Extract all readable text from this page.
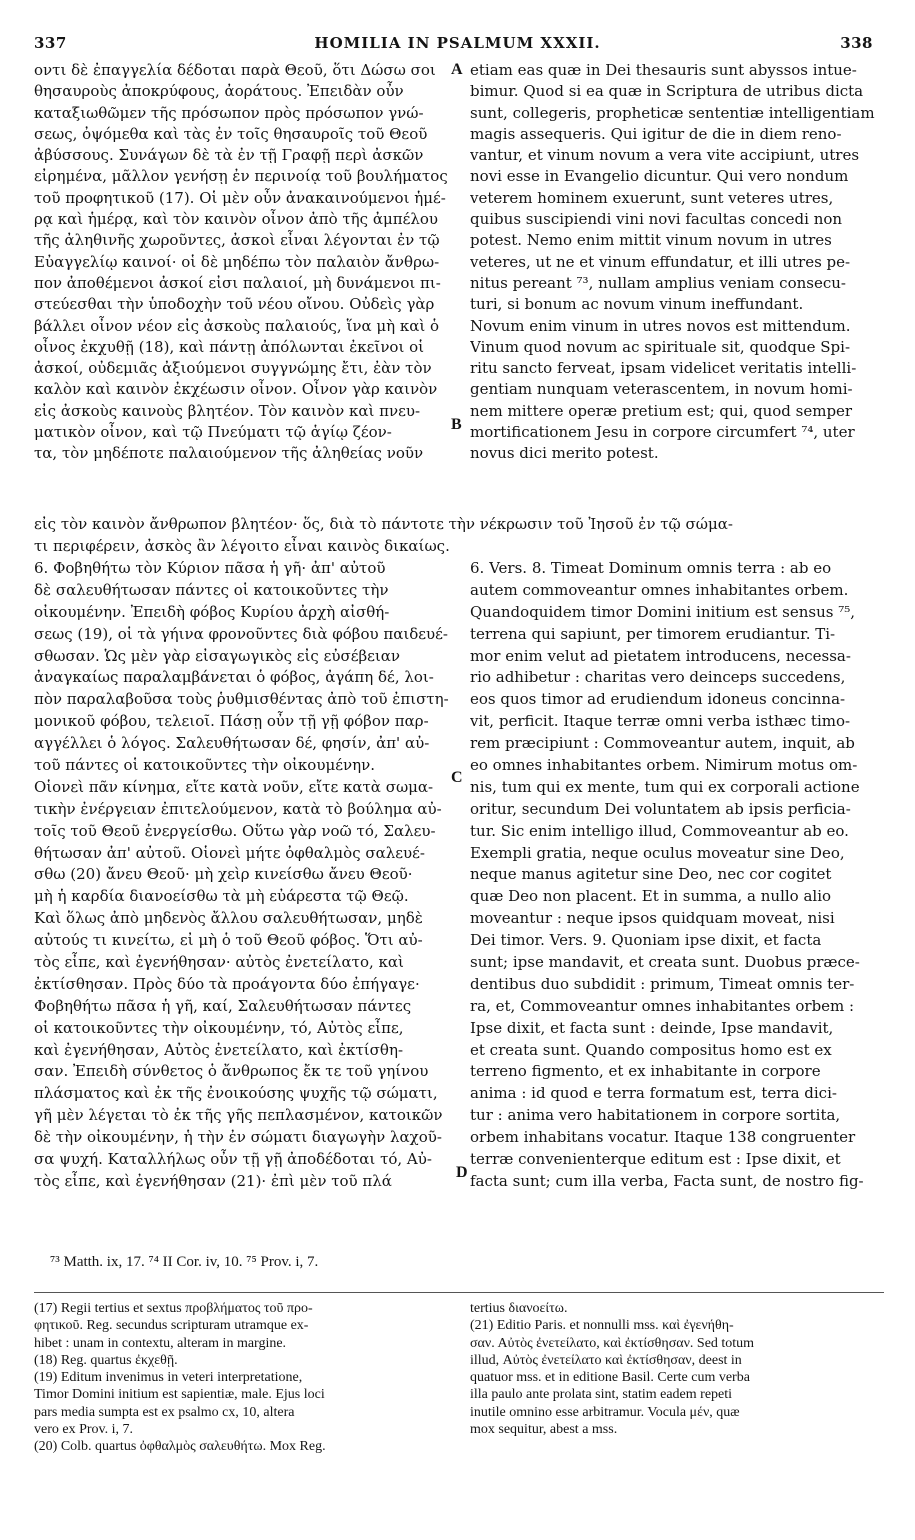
337	HOMILIA IN PSALMUM XXXII.	338
οντι δὲ ἐπαγγελία δέδοται παρὰ Θεοῦ, ὅτι Δώσω σοι
θησαυροὺς ἀποκρύφους, ἀοράτους. Ἐπειδὰν οὖν
καταξιωθῶμεν τῆς πρόσωπον πρὸς πρόσωπον γνώ-
σεως, ὀψόμεθα καὶ τὰς ἐν τοῖς θησαυροῖς τοῦ Θεοῦ
ἀβύσσους. Συνάγων δὲ τὰ ἐν τῇ Γραφῇ περὶ ἀσκῶν
εἰρημένα, μᾶλλον γενήσῃ ἐν περινοίᾳ τοῦ βουλήματος
τοῦ προφητικοῦ (17). Οἱ μὲν οὖν ἀνακαινούμενοι ἡμέ-
ρᾳ καὶ ἡμέρᾳ, καὶ τὸν καινὸν οἶνον ἀπὸ τῆς ἀμπέλου
τῆς ἀληθινῆς χωροῦντες, ἀσκοὶ εἶναι λέγονται ἐν τῷ
Εὐαγγελίῳ καινοί· οἱ δὲ μηδέπω τὸν παλαιὸν ἄνθρω-
πον ἀποθέμενοι ἀσκοί εἰσι παλαιοί, μὴ δυνάμενοι πι-
στεύεσθαι τὴν ὑποδοχὴν τοῦ νέου οἴνου. Οὐδεὶς γὰρ
βάλλει οἶνον νέον εἰς ἀσκοὺς παλαιούς, ἵνα μὴ καὶ ὁ
οἶνος ἐκχυθῇ (18), καὶ πάντῃ ἀπόλωνται ἐκεῖνοι οἱ
ἀσκοί, οὐδεμιᾶς ἀξιούμενοι συγγνώμης ἔτι, ἐὰν τὸν
καλὸν καὶ καινὸν ἐκχέωσιν οἶνον. Οἶνον γὰρ καινὸν
εἰς ἀσκοὺς καινοὺς βλητέον. Τὸν καινὸν καὶ πνευ-
ματικὸν οἶνον, καὶ τῷ Πνεύματι τῷ ἁγίῳ ζέον-
τα, τὸν μηδέποτε παλαιούμενον τῆς ἀληθείας νοῦν
etiam eas quæ in Dei thesauris sunt abyssos intue-
bimur. Quod si ea quæ in Scriptura de utribus dicta
sunt, collegeris, propheticæ sententiæ intelligentiam
magis assequeris. Qui igitur de die in diem reno-
vantur, et vinum novum a vera vite accipiunt, utres
novi esse in Evangelio dicuntur. Qui vero nondum
veterem hominem exuerunt, sunt veteres utres,
quibus suscipiendi vini novi facultas concedi non
potest. Nemo enim mittit vinum novum in utres
veteres, ut ne et vinum effundatur, et illi utres pe-
nitus pereant ⁷³, nullam amplius veniam consecu-
turi, si bonum ac novum vinum ineffundant.
Novum enim vinum in utres novos est mittendum.
Vinum quod novum ac spirituale sit, quodque Spi-
ritu sancto ferveat, ipsam videlicet veritatis intelli-
gentiam nunquam veterascentem, in novum homi-
nem mittere operæ pretium est; qui, quod semper
mortificationem Jesu in corpore circumfert ⁷⁴, uter
novus dici merito potest.
A
B
C
D
εἰς τὸν καινὸν ἄνθρωπον βλητέον· ὅς, διὰ τὸ πάντοτε τὴν νέκρωσιν τοῦ Ἰησοῦ ἐν τῷ σώμα-
τι περιφέρειν, ἀσκὸς ἂν λέγοιτο εἶναι καινὸς δικαίως.
6. Φοβηθήτω τὸν Κύριον πᾶσα ἡ γῆ· ἀπ' αὐτοῦ
δὲ σαλευθήτωσαν πάντες οἱ κατοικοῦντες τὴν
οἰκουμένην. Ἐπειδὴ φόβος Κυρίου ἀρχὴ αἰσθή-
σεως (19), οἱ τὰ γήινα φρονοῦντες διὰ φόβου παιδευέ-
σθωσαν. Ὡς μὲν γὰρ εἰσαγωγικὸς εἰς εὐσέβειαν
ἀναγκαίως παραλαμβάνεται ὁ φόβος, ἀγάπη δέ, λοι-
πὸν παραλαβοῦσα τοὺς ῥυθμισθέντας ἀπὸ τοῦ ἐπιστη-
μονικοῦ φόβου, τελειοῖ. Πάσῃ οὖν τῇ γῇ φόβον παρ-
αγγέλλει ὁ λόγος. Σαλευθήτωσαν δέ, φησίν, ἀπ' αὐ-
τοῦ πάντες οἱ κατοικοῦντες τὴν οἰκουμένην.
Οἱονεὶ πᾶν κίνημα, εἴτε κατὰ νοῦν, εἴτε κατὰ σωμα-
τικὴν ἐνέργειαν ἐπιτελούμενον, κατὰ τὸ βούλημα αὐ-
τοῖς τοῦ Θεοῦ ἐνεργείσθω. Οὕτω γὰρ νοῶ τό, Σαλευ-
θήτωσαν ἀπ' αὐτοῦ. Οἱονεὶ μήτε ὀφθαλμὸς σαλευέ-
σθω (20) ἄνευ Θεοῦ· μὴ χεὶρ κινείσθω ἄνευ Θεοῦ·
μὴ ἡ καρδία διανοείσθω τὰ μὴ εὐάρεστα τῷ Θεῷ.
Καὶ ὅλως ἀπὸ μηδενὸς ἄλλου σαλευθήτωσαν, μηδὲ
αὐτούς τι κινείτω, εἰ μὴ ὁ τοῦ Θεοῦ φόβος. Ὅτι αὐ-
τὸς εἶπε, καὶ ἐγενήθησαν· αὐτὸς ἐνετείλατο, καὶ
ἐκτίσθησαν. Πρὸς δύο τὰ προάγοντα δύο ἐπήγαγε·
Φοβηθήτω πᾶσα ἡ γῆ, καί, Σαλευθήτωσαν πάντες
οἱ κατοικοῦντες τὴν οἰκουμένην, τό, Αὐτὸς εἶπε,
καὶ ἐγενήθησαν, Αὐτὸς ἐνετείλατο, καὶ ἐκτίσθη-
σαν. Ἐπειδὴ σύνθετος ὁ ἄνθρωπος ἔκ τε τοῦ γηίνου
πλάσματος καὶ ἐκ τῆς ἐνοικούσης ψυχῆς τῷ σώματι,
γῆ μὲν λέγεται τὸ ἐκ τῆς γῆς πεπλασμένον, κατοικῶν
δὲ τὴν οἰκουμένην, ἡ τὴν ἐν σώματι διαγωγὴν λαχοῦ-
σα ψυχή. Καταλλήλως οὖν τῇ γῇ ἀποδέδοται τό, Αὐ-
τὸς εἶπε, καὶ ἐγενήθησαν (21)· ἐπὶ μὲν τοῦ πλά
6. Vers. 8. Timeat Dominum omnis terra : ab eo
autem commoveantur omnes inhabitantes orbem.
Quandoquidem timor Domini initium est sensus ⁷⁵,
terrena qui sapiunt, per timorem erudiantur. Ti-
mor enim velut ad pietatem introducens, necessa-
rio adhibetur : charitas vero deinceps succedens,
eos quos timor ad erudiendum idoneus concinna-
vit, perficit. Itaque terræ omni verba isthæc timo-
rem præcipiunt : Commoveantur autem, inquit, ab
eo omnes inhabitantes orbem. Nimirum motus om-
nis, tum qui ex mente, tum qui ex corporali actione
oritur, secundum Dei voluntatem ab ipsis perficia-
tur. Sic enim intelligo illud, Commoveantur ab eo.
Exempli gratia, neque oculus moveatur sine Deo,
neque manus agitetur sine Deo, nec cor cogitet
quæ Deo non placent. Et in summa, a nullo alio
moveantur : neque ipsos quidquam moveat, nisi
Dei timor. Vers. 9. Quoniam ipse dixit, et facta
sunt; ipse mandavit, et creata sunt. Duobus præce-
dentibus duo subdidit : primum, Timeat omnis ter-
ra, et, Commoveantur omnes inhabitantes orbem :
Ipse dixit, et facta sunt : deinde, Ipse mandavit,
et creata sunt. Quando compositus homo est ex
terreno figmento, et ex inhabitante in corpore
anima : id quod e terra formatum est, terra dici-
tur : anima vero habitationem in corpore sortita,
orbem inhabitans vocatur. Itaque 138 congruenter
terræ convenienterque editum est : Ipse dixit, et
facta sunt; cum illa verba, Facta sunt, de nostro fig-
⁷³ Matth. ix, 17. ⁷⁴ II Cor. iv, 10. ⁷⁵ Prov. i, 7.
(17) Regii tertius et sextus προβλήματος τοῦ προ-
φητικοῦ. Reg. secundus scripturam utramque ex-
hibet : unam in contextu, alteram in margine.
(18) Reg. quartus ἐκχεθῇ.
(19) Editum invenimus in veteri interpretatione,
Timor Domini initium est sapientiæ, male. Ejus loci
pars media sumpta est ex psalmo cx, 10, altera
vero ex Prov. i, 7.
(20) Colb. quartus ὀφθαλμὸς σαλευθήτω. Mox Reg.
tertius διανοείτω.
(21) Editio Paris. et nonnulli mss. καὶ ἐγενήθη-
σαν. Αὐτὸς ἐνετείλατο, καὶ ἐκτίσθησαν. Sed totum
illud, Αὐτὸς ἐνετείλατο καὶ ἐκτίσθησαν, deest in
quatuor mss. et in editione Basil. Certe cum verba
illa paulo ante prolata sint, statim eadem repeti
inutile omnino esse arbitramur. Vocula μέν, quæ
mox sequitur, abest a mss.
